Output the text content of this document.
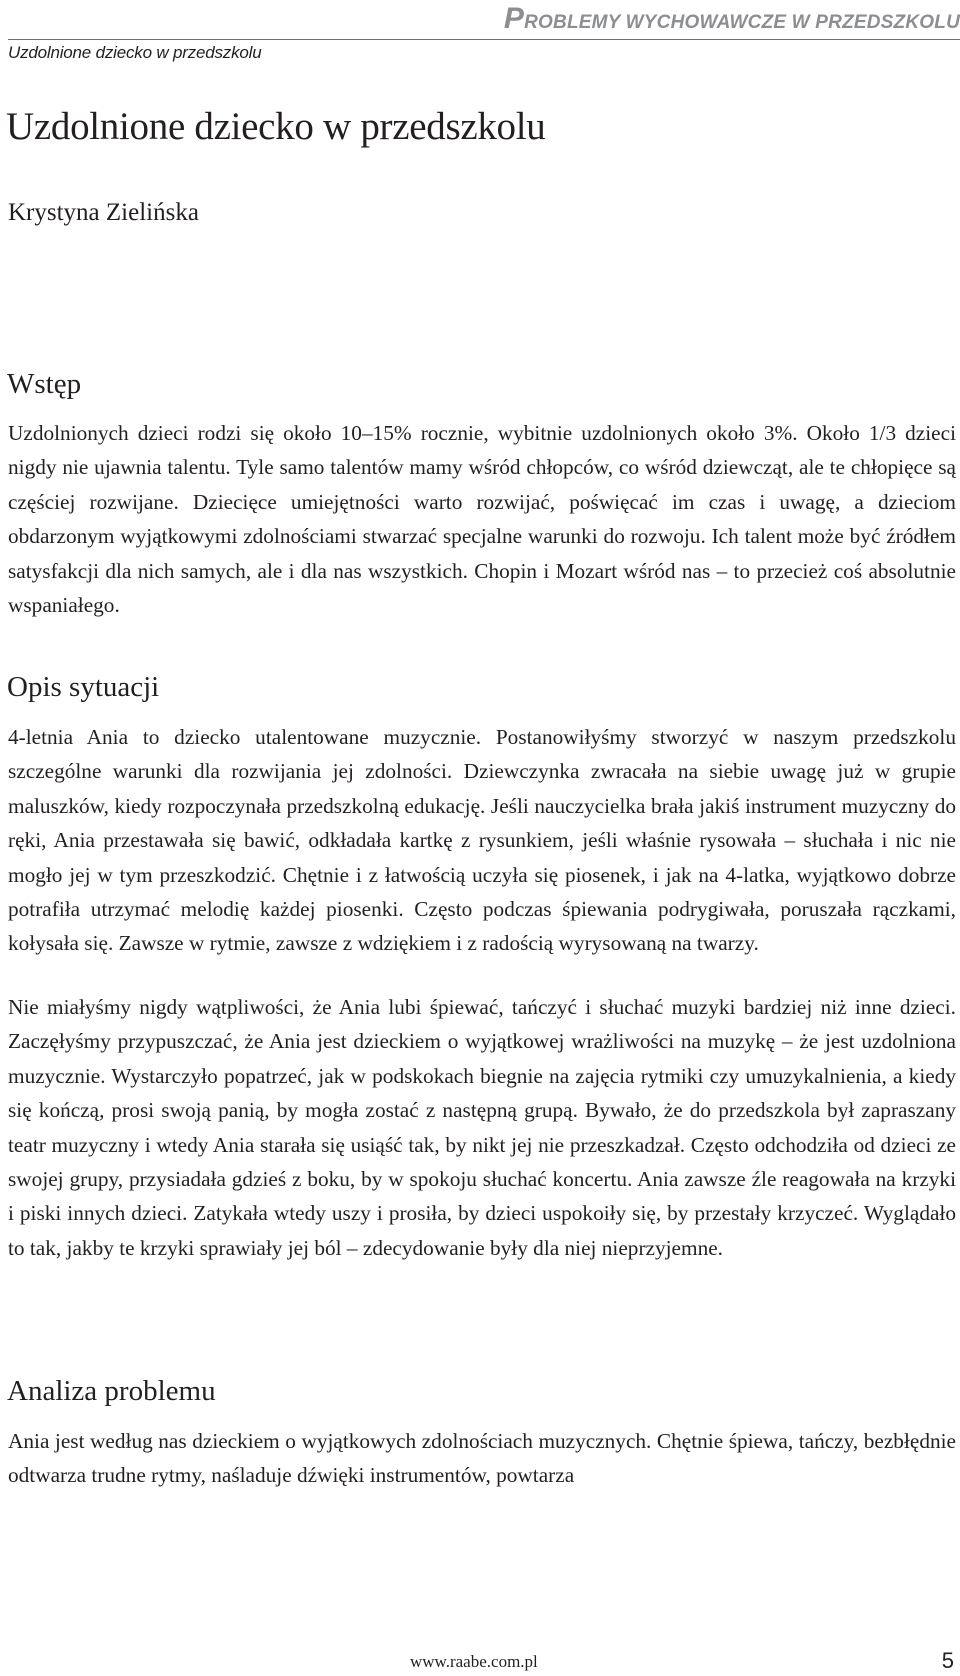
PROBLEMY WYCHOWAWCZE W PRZEDSZKOLU
Uzdolnione dziecko w przedszkolu
Uzdolnione dziecko w przedszkolu
Krystyna Zielińska
Wstęp

Uzdolnionych dzieci rodzi się około 10–15% rocznie, wybitnie uzdolnionych około 3%. Około 1/3 dzieci nigdy nie ujawnia talentu. Tyle samo talentów mamy wśród chłopców, co wśród dziewcząt, ale te chłopięce są częściej rozwijane. Dziecięce umiejętności warto rozwijać, poświęcać im czas i uwagę, a dzieciom obdarzonym wyjątkowymi zdolnościami stwarzać specjalne warunki do rozwoju. Ich talent może być źródłem satysfakcji dla nich samych, ale i dla nas wszystkich. Chopin i Mozart wśród nas – to przecież coś absolutnie wspaniałego.

Opis sytuacji

4-letnia Ania to dziecko utalentowane muzycznie. Postanowiłyśmy stworzyć w naszym przedszkolu szczególne warunki dla rozwijania jej zdolności. Dziewczynka zwracała na siebie uwagę już w grupie maluszków, kiedy rozpoczynała przedszkolną edukację. Jeśli nauczycielka brała jakiś instrument muzyczny do ręki, Ania przestawała się bawić, odkładała kartkę z rysunkiem, jeśli właśnie rysowała – słuchała i nic nie mogło jej w tym przeszkodzić. Chętnie i z łatwością uczyła się piosenek, i jak na 4-latka, wyjątkowo dobrze potrafiła utrzymać melodię każdej piosenki. Często podczas śpiewania podrygiwała, poruszała rączkami, kołysała się. Zawsze w rytmie, zawsze z wdziękiem i z radością wyrysowaną na twarzy.

Nie miałyśmy nigdy wątpliwości, że Ania lubi śpiewać, tańczyć i słuchać muzyki bardziej niż inne dzieci. Zaczęłyśmy przypuszczać, że Ania jest dzieckiem o wyjątkowej wrażliwości na muzykę – że jest uzdolniona muzycznie. Wystarczyło popatrzeć, jak w podskokach biegnie na zajęcia rytmiki czy umuzykalnienia, a kiedy się kończą, prosi swoją panią, by mogła zostać z następną grupą. Bywało, że do przedszkola był zapraszany teatr muzyczny i wtedy Ania starała się usiąść tak, by nikt jej nie przeszkadzał. Często odchodziła od dzieci ze swojej grupy, przysiadała gdzieś z boku, by w spokoju słuchać koncertu. Ania zawsze źle reagowała na krzyki i piski innych dzieci. Zatykała wtedy uszy i prosiła, by dzieci uspokoiły się, by przestały krzyczeć. Wyglądało to tak, jakby te krzyki sprawiały jej ból – zdecydowanie były dla niej nieprzyjemne.

Analiza problemu

Ania jest według nas dzieckiem o wyjątkowych zdolnościach muzycznych. Chętnie śpiewa, tańczy, bezbłędnie odtwarza trudne rytmy, naśladuje dźwięki instrumentów, powtarza

www.raabe.com.pl	5
